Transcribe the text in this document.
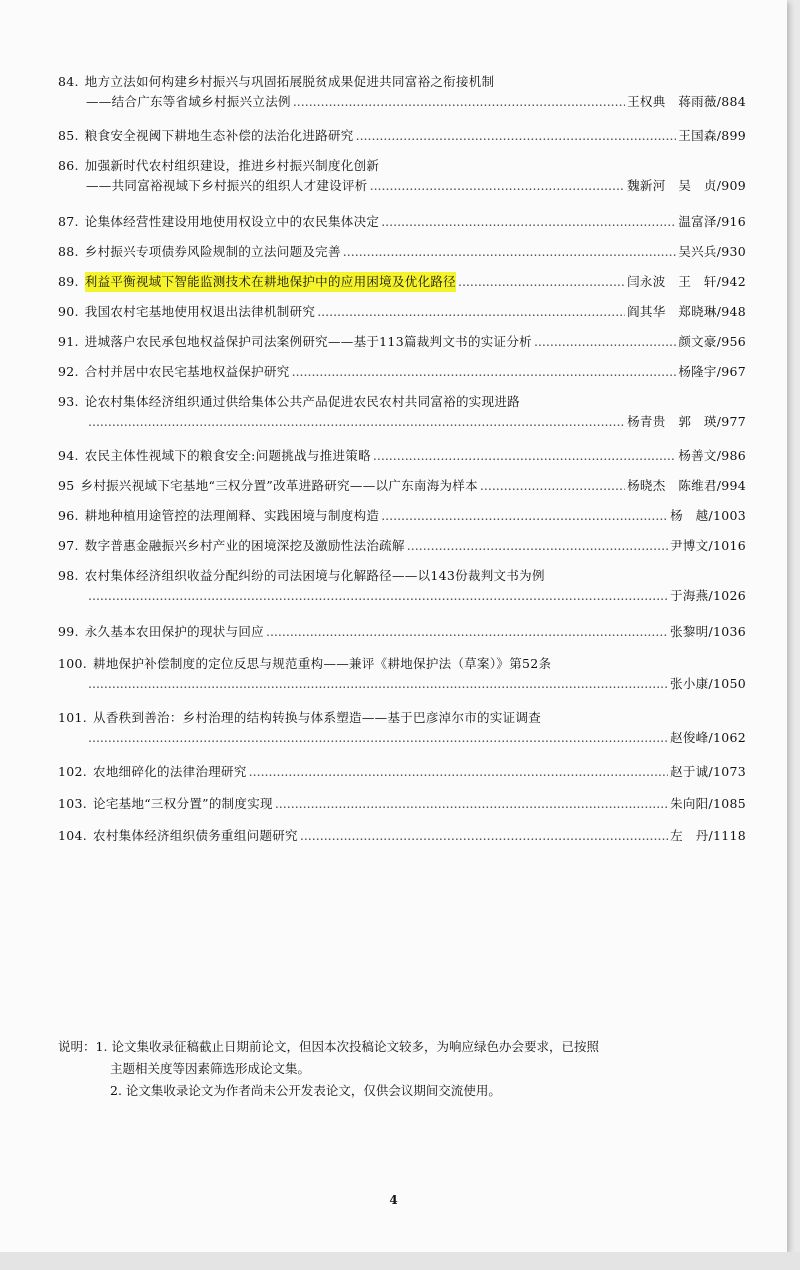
84. 地方立法如何构建乡村振兴与巩固拓展脱贫成果促进共同富裕之衔接机制
——结合广东等省域乡村振兴立法例 .....	王权典　蒋雨薇/884
85. 粮食安全视阈下耕地生态补偿的法治化进路研究 .....	王国森/899
86. 加强新时代农村组织建设，推进乡村振兴制度化创新
——共同富裕视域下乡村振兴的组织人才建设评析 .....	魏新河　吴　贞/909
87. 论集体经营性建设用地使用权设立中的农民集体决定 .....	温富泽/916
88. 乡村振兴专项债券风险规制的立法问题及完善 .....	吴兴兵/930
89. 利益平衡视域下智能监测技术在耕地保护中的应用困境及优化路径 .....	闫永波　王　轩/942
90. 我国农村宅基地使用权退出法律机制研究 .....	阎其华　郑晓琳/948
91. 进城落户农民承包地权益保护司法案例研究——基于113篇裁判文书的实证分析 .....	颜文豪/956
92. 合村并居中农民宅基地权益保护研究 .....	杨隆宇/967
93. 论农村集体经济组织通过供给集体公共产品促进农民农村共同富裕的实现进路
.....
杨青贵　郭　瑛/977
94. 农民主体性视域下的粮食安全:问题挑战与推进策略 .....	杨善文/986
95 乡村振兴视域下宅基地“三权分置”改革进路研究——以广东南海为样本 .....	杨晓杰　陈维君/994
96. 耕地种植用途管控的法理阐释、实践困境与制度构造 .....	杨　越/1003
97. 数字普惠金融振兴乡村产业的困境深挖及激励性法治疏解 .....	尹博文/1016
98. 农村集体经济组织收益分配纠纷的司法困境与化解路径——以143份裁判文书为例
.....
于海燕/1026
99. 永久基本农田保护的现状与回应 .....	张黎明/1036
100. 耕地保护补偿制度的定位反思与规范重构——兼评《耕地保护法（草案）》第52条
.....
张小康/1050
101. 从香秩到善治：乡村治理的结构转换与体系塑造——基于巴彦淖尔市的实证调查
.....
赵俊峰/1062
102. 农地细碎化的法律治理研究 .....	赵于诚/1073
103. 论宅基地“三权分置”的制度实现 .....	朱向阳/1085
104. 农村集体经济组织债务重组问题研究 .....	左　丹/1118
说明： 1. 论文集收录征稿截止日期前论文，但因本次投稿论文较多，为响应绿色办会要求，已按照
主题相关度等因素筛选形成论文集。
2. 论文集收录论文为作者尚未公开发表论文，仅供会议期间交流使用。
4
